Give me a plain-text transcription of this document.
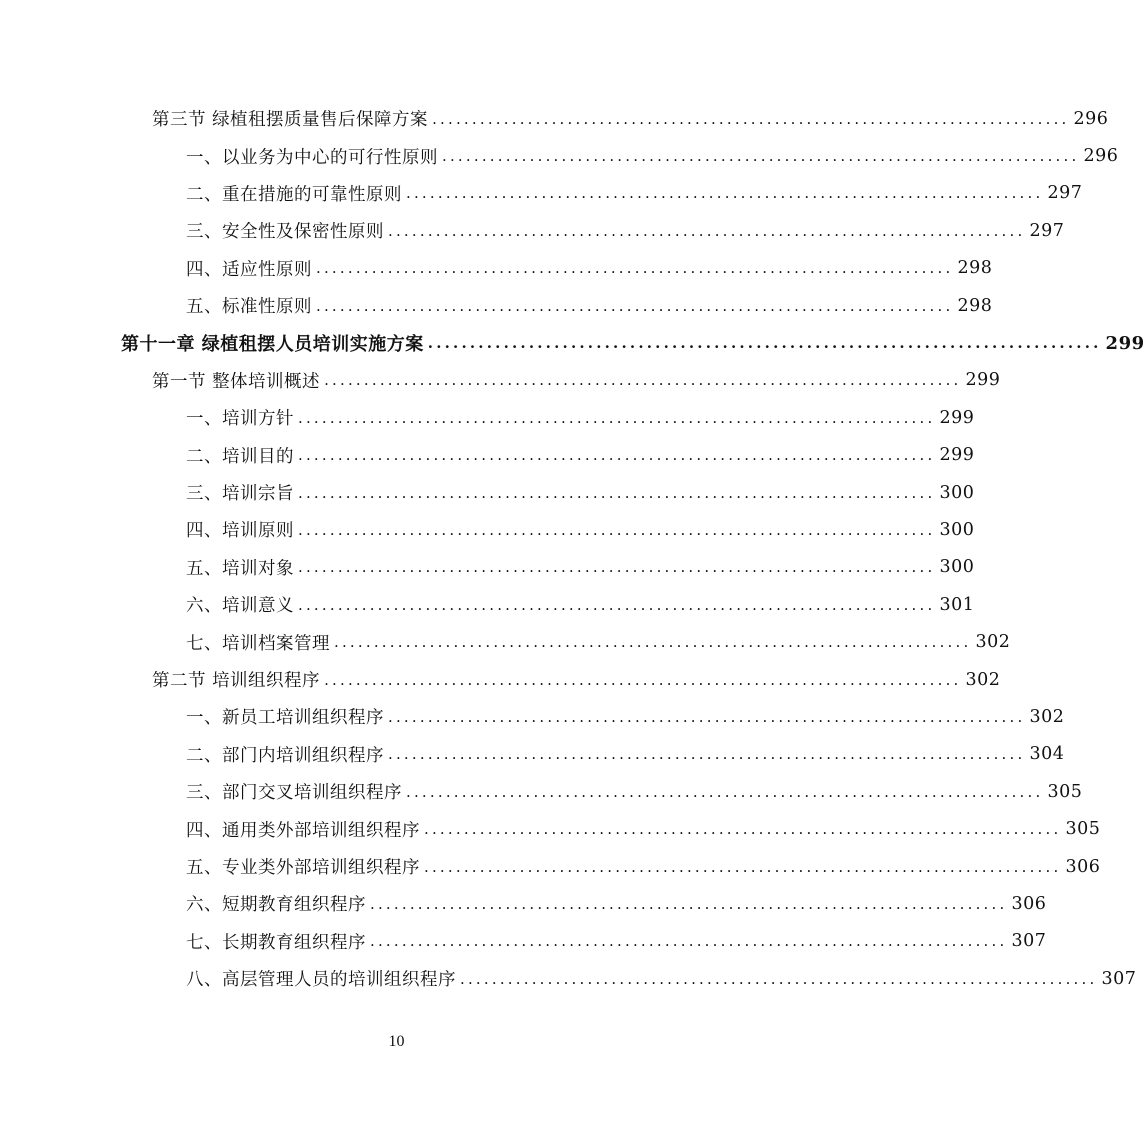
第三节 绿植租摆质量售后保障方案 ................................................................................ 296
一、以业务为中心的可行性原则 ................................................................................ 296
二、重在措施的可靠性原则 ................................................................................ 297
三、安全性及保密性原则 ................................................................................ 297
四、适应性原则 ................................................................................ 298
五、标准性原则 ................................................................................ 298
第十一章 绿植租摆人员培训实施方案 ................................................................................ 299
第一节 整体培训概述 ................................................................................ 299
一、培训方针 ................................................................................ 299
二、培训目的 ................................................................................ 299
三、培训宗旨 ................................................................................ 300
四、培训原则 ................................................................................ 300
五、培训对象 ................................................................................ 300
六、培训意义 ................................................................................ 301
七、培训档案管理 ................................................................................ 302
第二节 培训组织程序 ................................................................................ 302
一、新员工培训组织程序 ................................................................................ 302
二、部门内培训组织程序 ................................................................................ 304
三、部门交叉培训组织程序 ................................................................................ 305
四、通用类外部培训组织程序 ................................................................................ 305
五、专业类外部培训组织程序 ................................................................................ 306
六、短期教育组织程序 ................................................................................ 306
七、长期教育组织程序 ................................................................................ 307
八、高层管理人员的培训组织程序 ................................................................................ 307
10
